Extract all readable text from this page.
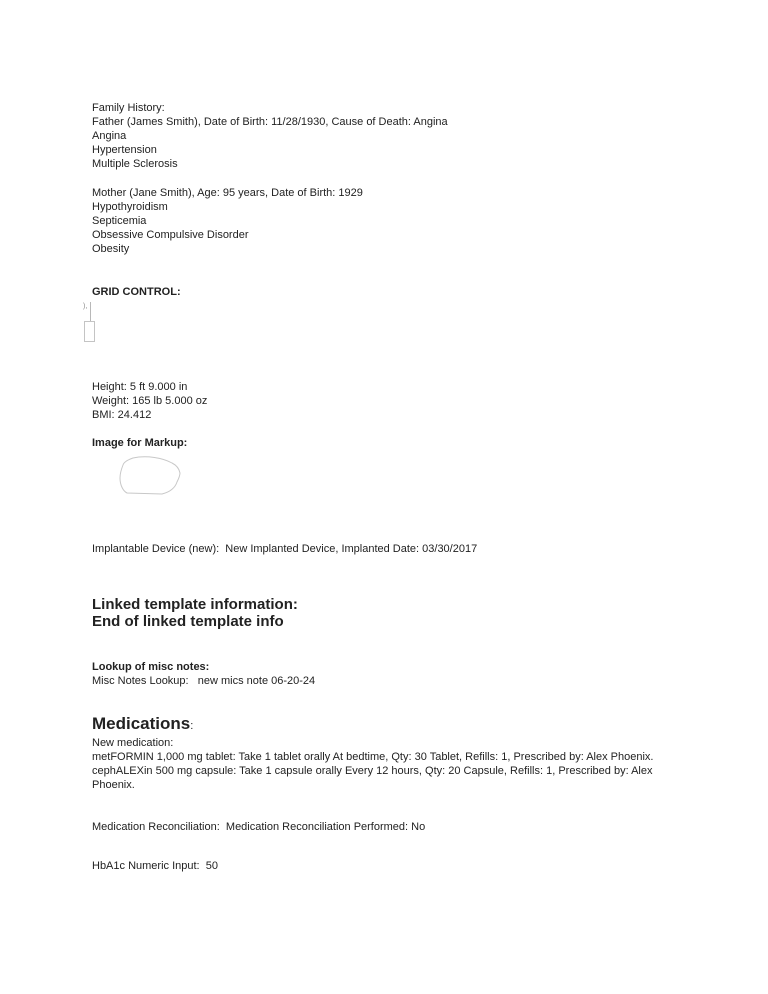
Family History:
Father (James Smith), Date of Birth: 11/28/1930, Cause of Death: Angina
Angina
Hypertension
Multiple Sclerosis
Mother (Jane Smith), Age: 95 years, Date of Birth: 1929
Hypothyroidism
Septicemia
Obsessive Compulsive Disorder
Obesity
GRID CONTROL:
),
Height: 5 ft 9.000 in
Weight: 165 lb 5.000 oz
BMI: 24.412
Image for Markup:
Implantable Device (new):  New Implanted Device, Implanted Date: 03/30/2017
Linked template information:
End of linked template info
Lookup of misc notes:
Misc Notes Lookup:   new mics note 06-20-24
Medications:
New medication:
metFORMIN 1,000 mg tablet: Take 1 tablet orally At bedtime, Qty: 30 Tablet, Refills: 1, Prescribed by: Alex Phoenix.
cephALEXin 500 mg capsule: Take 1 capsule orally Every 12 hours, Qty: 20 Capsule, Refills: 1, Prescribed by: Alex Phoenix.
Medication Reconciliation:  Medication Reconciliation Performed: No
HbA1c Numeric Input:  50
